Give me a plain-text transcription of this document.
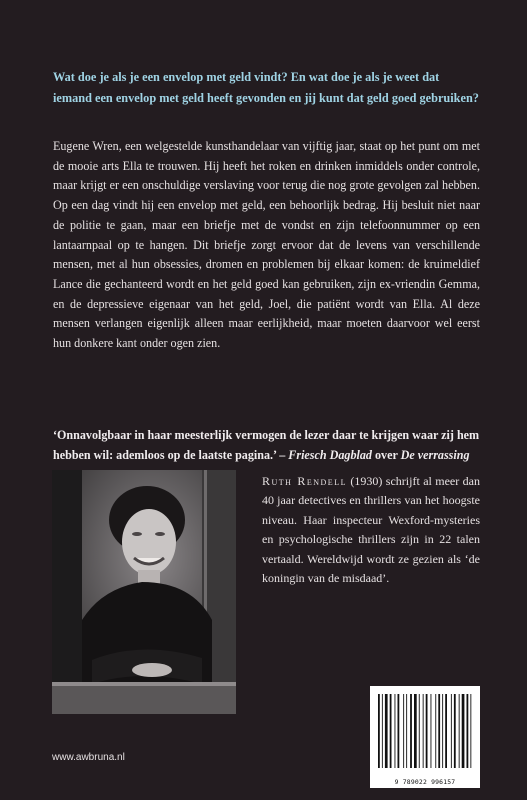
Wat doe je als je een envelop met geld vindt? En wat doe je als je weet dat iemand een envelop met geld heeft gevonden en jij kunt dat geld goed gebruiken?

Eugene Wren, een welgestelde kunsthandelaar van vijftig jaar, staat op het punt om met de mooie arts Ella te trouwen. Hij heeft het roken en drinken inmiddels onder controle, maar krijgt er een onschuldige verslaving voor terug die nog grote gevolgen zal hebben. Op een dag vindt hij een envelop met geld, een behoorlijk bedrag. Hij besluit niet naar de politie te gaan, maar een briefje met de vondst en zijn telefoonnummer op een lantaarnpaal op te hangen. Dit briefje zorgt ervoor dat de levens van verschillende mensen, met al hun obsessies, dromen en problemen bij elkaar komen: de kruimeldief Lance die gechanteerd wordt en het geld goed kan gebruiken, zijn ex-vriendin Gemma, en de depressieve eigenaar van het geld, Joel, die patiënt wordt van Ella. Al deze mensen verlangen eigenlijk alleen maar eerlijkheid, maar moeten daarvoor wel eerst hun donkere kant onder ogen zien.

‘Onnavolgbaar in haar meesterlijk vermogen de lezer daar te krijgen waar zij hem hebben wil: ademloos op de laatste pagina.’ – Friesch Dagblad over De verrassing

Ruth Rendell (1930) schrijft al meer dan 40 jaar detectives en thrillers van het hoogste niveau. Haar inspecteur Wexford-mysteries en psychologische thrillers zijn in 22 talen vertaald. Wereldwijd wordt ze gezien als ‘de koningin van de misdaad’.

9 789022 996157
www.awbruna.nl
